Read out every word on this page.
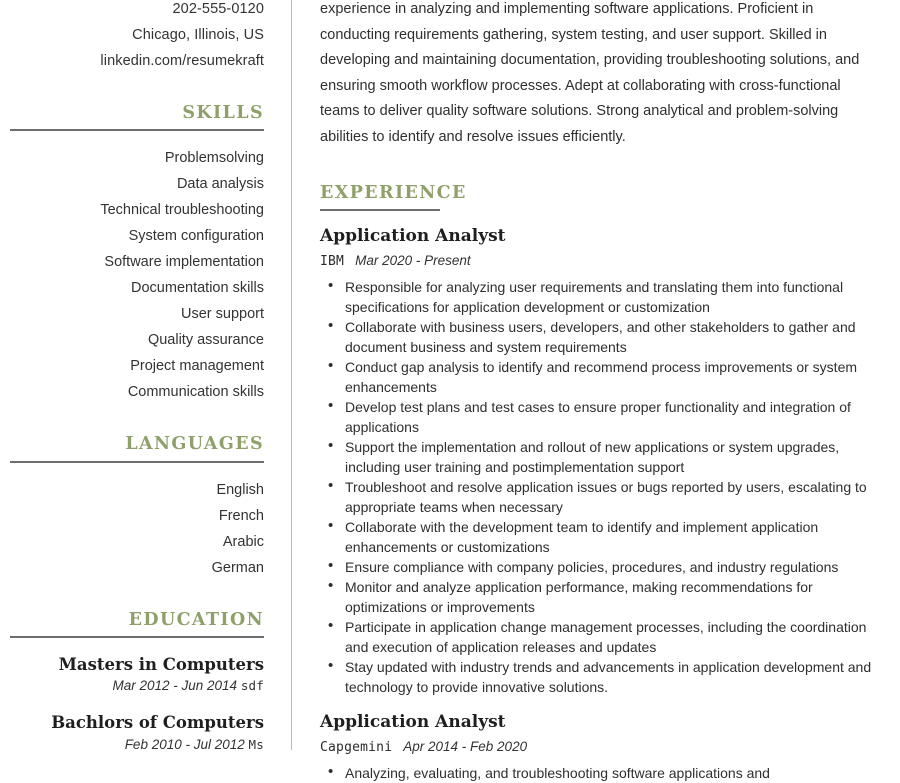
202-555-0120
Chicago, Illinois, US
linkedin.com/resumekraft
SKILLS
Problemsolving
Data analysis
Technical troubleshooting
System configuration
Software implementation
Documentation skills
User support
Quality assurance
Project management
Communication skills
LANGUAGES
English
French
Arabic
German
EDUCATION
Masters in Computers
Mar 2012 - Jun 2014 sdf
Bachlors of Computers
Feb 2010 - Jul 2012 Ms

experience in analyzing and implementing software applications. Proficient in conducting requirements gathering, system testing, and user support. Skilled in developing and maintaining documentation, providing troubleshooting solutions, and ensuring smooth workflow processes. Adept at collaborating with cross-functional teams to deliver quality software solutions. Strong analytical and problem-solving abilities to identify and resolve issues efficiently.

EXPERIENCE
Application Analyst
IBM Mar 2020 - Present
• Responsible for analyzing user requirements and translating them into functional specifications for application development or customization
• Collaborate with business users, developers, and other stakeholders to gather and document business and system requirements
• Conduct gap analysis to identify and recommend process improvements or system enhancements
• Develop test plans and test cases to ensure proper functionality and integration of applications
• Support the implementation and rollout of new applications or system upgrades, including user training and postimplementation support
• Troubleshoot and resolve application issues or bugs reported by users, escalating to appropriate teams when necessary
• Collaborate with the development team to identify and implement application enhancements or customizations
• Ensure compliance with company policies, procedures, and industry regulations
• Monitor and analyze application performance, making recommendations for optimizations or improvements
• Participate in application change management processes, including the coordination and execution of application releases and updates
• Stay updated with industry trends and advancements in application development and technology to provide innovative solutions.
Application Analyst
Capgemini Apr 2014 - Feb 2020
• Analyzing, evaluating, and troubleshooting software applications and
